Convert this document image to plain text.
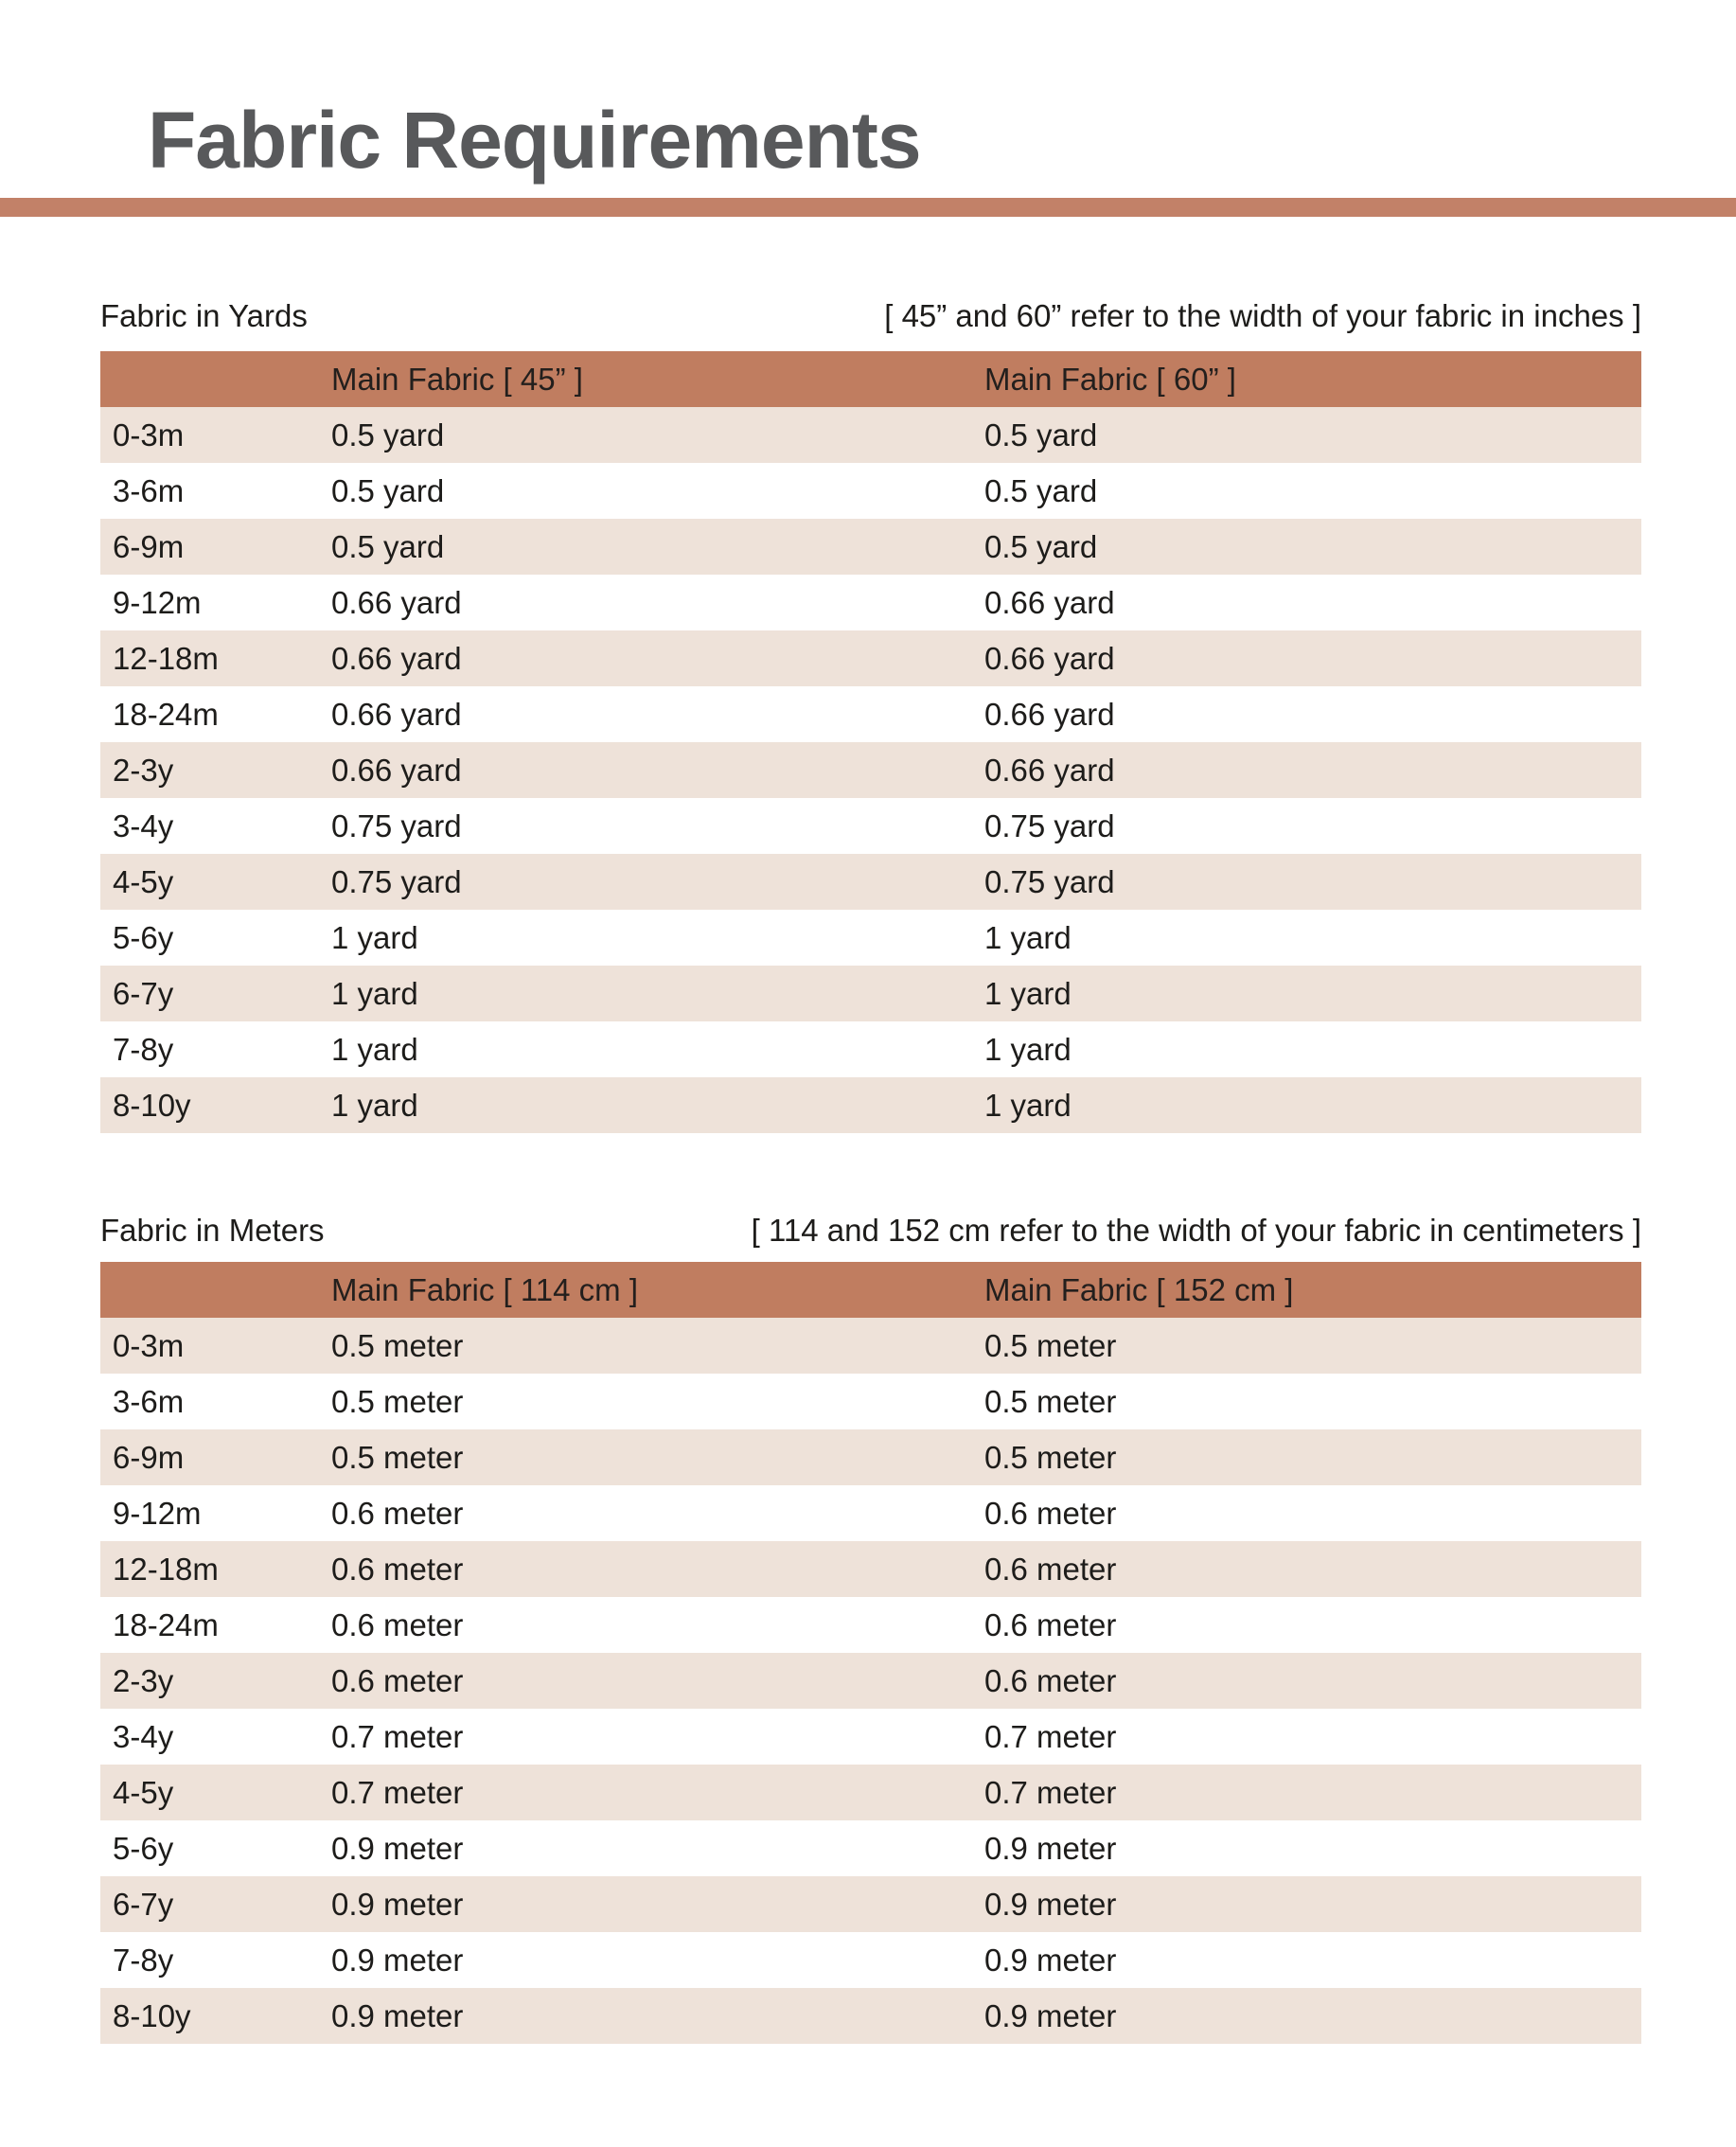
Fabric Requirements
Fabric in Yards	[ 45” and 60” refer to the width of your fabric in inches ]
	Main Fabric [ 45” ]	Main Fabric [ 60” ]
0-3m	0.5 yard	0.5 yard
3-6m	0.5 yard	0.5 yard
6-9m	0.5 yard	0.5 yard
9-12m	0.66 yard	0.66 yard
12-18m	0.66 yard	0.66 yard
18-24m	0.66 yard	0.66 yard
2-3y	0.66 yard	0.66 yard
3-4y	0.75 yard	0.75 yard
4-5y	0.75 yard	0.75 yard
5-6y	1 yard	1 yard
6-7y	1 yard	1 yard
7-8y	1 yard	1 yard
8-10y	1 yard	1 yard
Fabric in Meters	[ 114 and 152 cm refer to the width of your fabric in centimeters ]
	Main Fabric [ 114 cm ]	Main Fabric [ 152 cm ]
0-3m	0.5 meter	0.5 meter
3-6m	0.5 meter	0.5 meter
6-9m	0.5 meter	0.5 meter
9-12m	0.6 meter	0.6 meter
12-18m	0.6 meter	0.6 meter
18-24m	0.6 meter	0.6 meter
2-3y	0.6 meter	0.6 meter
3-4y	0.7 meter	0.7 meter
4-5y	0.7 meter	0.7 meter
5-6y	0.9 meter	0.9 meter
6-7y	0.9 meter	0.9 meter
7-8y	0.9 meter	0.9 meter
8-10y	0.9 meter	0.9 meter
